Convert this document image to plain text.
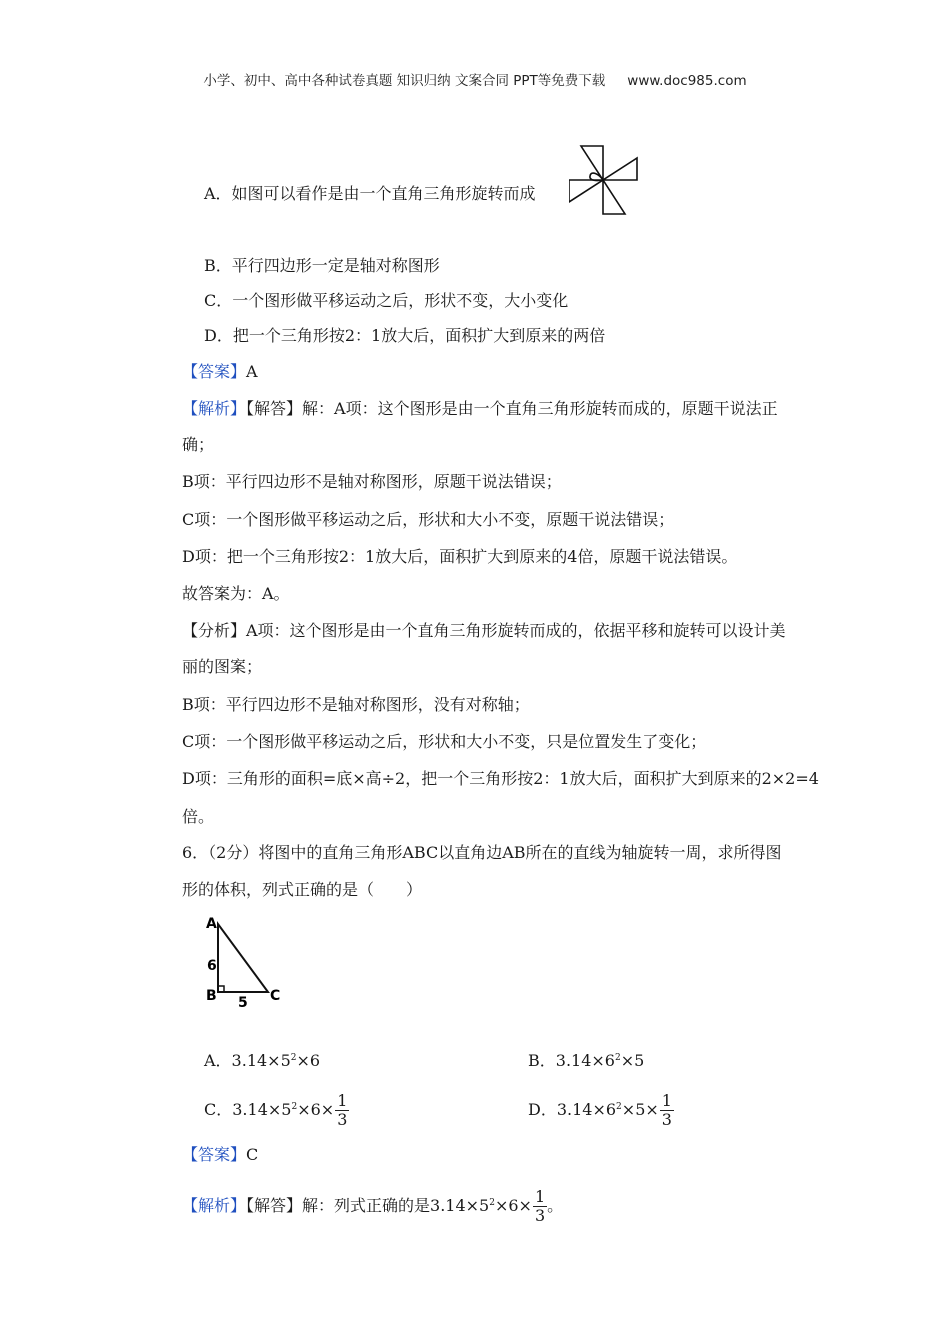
小学、初中、高中各种试卷真题 知识归纳 文案合同 PPT等免费下载 www.doc985.com
A．如图可以看作是由一个直角三角形旋转而成
B．平行四边形一定是轴对称图形
C．一个图形做平移运动之后，形状不变，大小变化
D．把一个三角形按2：1放大后，面积扩大到原来的两倍
【答案】A
【解析】【解答】解：A项：这个图形是由一个直角三角形旋转而成的，原题干说法正
确；
B项：平行四边形不是轴对称图形，原题干说法错误；
C项：一个图形做平移运动之后，形状和大小不变，原题干说法错误；
D项：把一个三角形按2：1放大后，面积扩大到原来的4倍，原题干说法错误。
故答案为：A。
【分析】A项：这个图形是由一个直角三角形旋转而成的，依据平移和旋转可以设计美
丽的图案；
B项：平行四边形不是轴对称图形，没有对称轴；
C项：一个图形做平移运动之后，形状和大小不变，只是位置发生了变化；
D项：三角形的面积=底×高÷2，把一个三角形按2：1放大后，面积扩大到原来的2×2=4
倍。
6．（2分）将图中的直角三角形ABC以直角边AB所在的直线为轴旋转一周，求所得图
形的体积，列式正确的是（　　）
A
B	C
6
5
A．$3.14\times 5^2\times 6$	B．$3.14\times 6^2\times 5$
C．$3.14\times 5^2\times 6\times \frac{1}{3}$	D．$3.14\times 6^2\times 5\times \frac{1}{3}$
【答案】C
【解析】【解答】解：列式正确的是$3.14\times 5^2\times 6\times \frac{1}{3}$ 。
